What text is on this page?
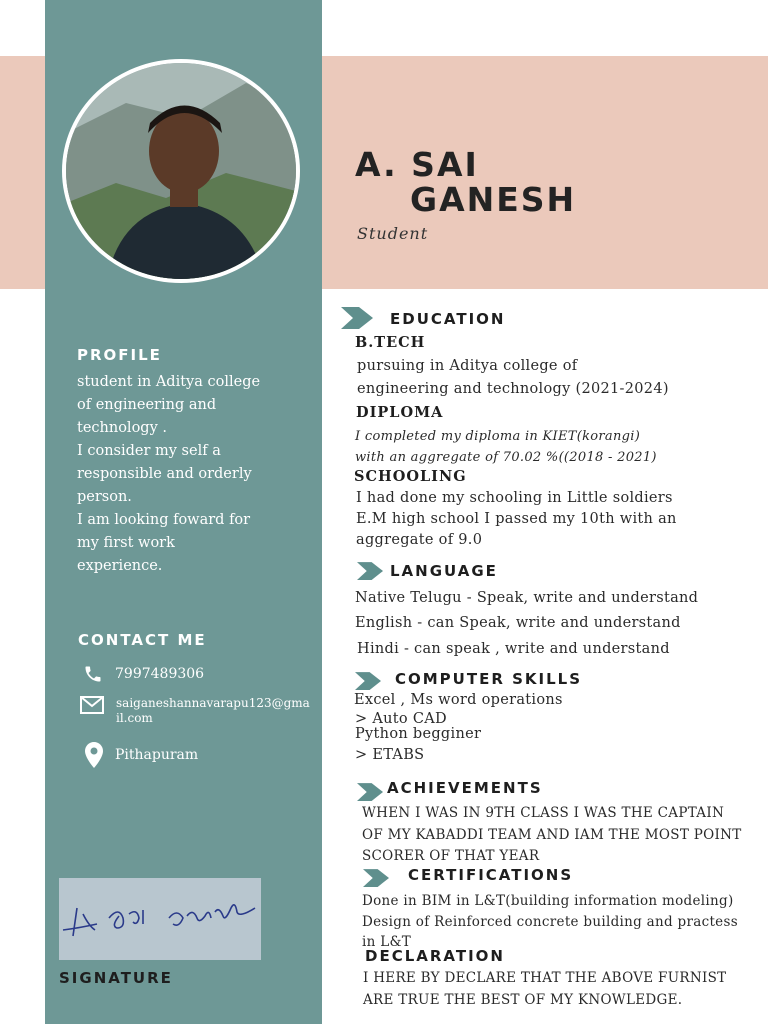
A. SAI
GANESH
Student
PROFILE
student in Aditya college
of engineering and
technology .
I consider my self a
responsible and orderly
person.
I am looking foward for
my first work
experience.
CONTACT ME
7997489306
saiganeshannavarapu123@gmail.com
Pithapuram
SIGNATURE
EDUCATION
B.TECH
pursuing in Aditya college of
engineering and technology (2021-2024)
DIPLOMA
I completed my diploma in KIET(korangi)
with an aggregate of 70.02 %((2018 - 2021)
SCHOOLING
I had done my schooling in Little soldiers
E.M high school I passed my 10th with an
aggregate of 9.0
LANGUAGE
Native Telugu - Speak, write and understand
English - can Speak, write and understand
Hindi - can speak , write and understand
COMPUTER SKILLS
Excel , Ms word operations
> Auto CAD
Python begginer
> ETABS
ACHIEVEMENTS
WHEN I WAS IN 9TH CLASS I WAS THE CAPTAIN
OF MY KABADDI TEAM AND IAM THE MOST POINT
SCORER OF THAT YEAR
CERTIFICATIONS
Done in BIM in L&T(building information modeling)
Design of Reinforced concrete building and practess
in L&T
DECLARATION
I HERE BY DECLARE THAT THE ABOVE FURNIST
ARE TRUE THE BEST OF MY KNOWLEDGE.
